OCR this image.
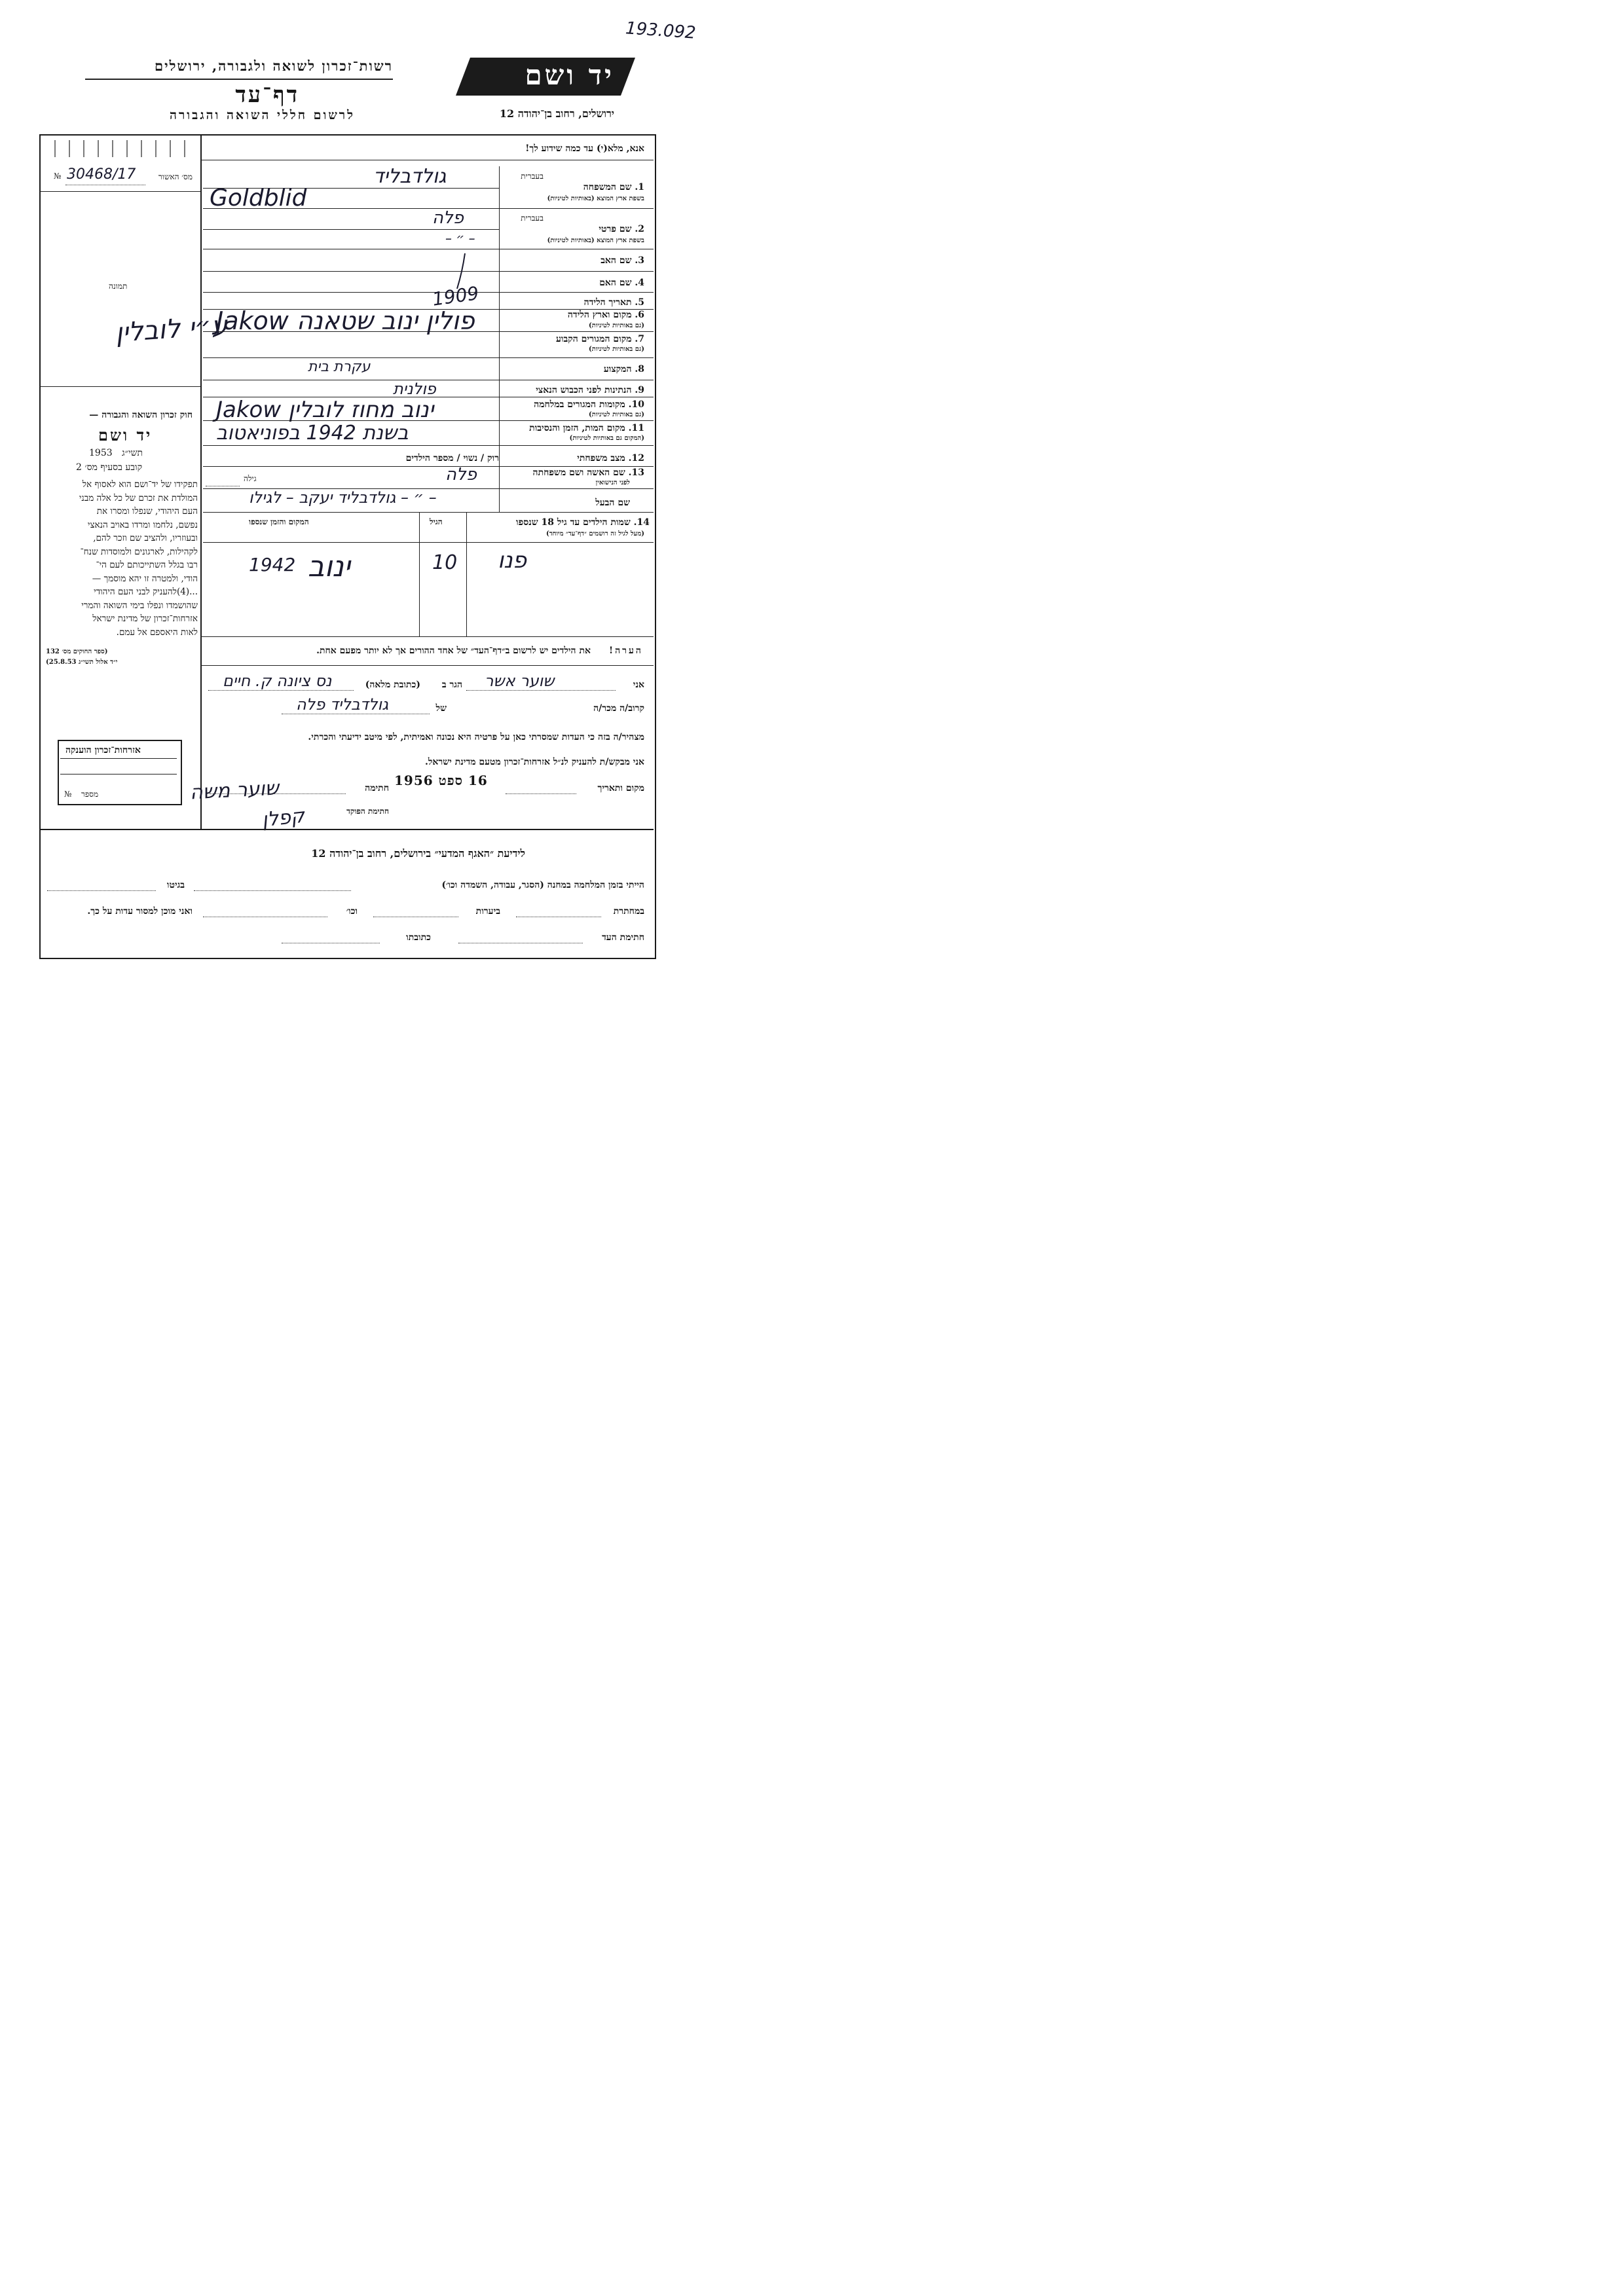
193.092
יד ושם
רשות־זכרון לשואה ולגבורה, ירושלים
דף־עד
לרשום חללי השואה והגבורה	ירושלים, רחוב בן־יהודה 12
№ 30468/17	מס׳ האשור
תמונה
ע״י לובלין
חוק זכרון השואה והגבורה —
יד ושם
תשי״ג
1953
קובע בסעיף מס׳ 2
תפקידו של יד־ושם הוא לאסוף אל
המולדת את זכרם של כל אלה מבני
העם היהודי, שנפלו ומסרו את
נפשם, נלחמו ומרדו באויב הנאצי
ובעוזריו, ולהציב שם וזכר להם,
לקהילות, לארגונים ולמוסדות שנח־
רבו בגלל השתייכותם לעם הי־
הודי, ולמטרה זו יהא מוסמך —
...(4)להעניק לבני העם היהודי
שהושמדו ונפלו בימי השואה והמרי
אזרחות־זכרון של מדינת ישראל
לאות היאספם אל עמם.
(ספר החוקים מס׳ 132
י״ד אלול תשי״ג 25.8.53)
אנא, מלא(י) עד כמה שידוע לך!
1. שם המשפחה
בשפת ארץ המוצא (באותיות לטיניות)
בעברית
גולדבליד
Goldblid
2. שם פרטי
בשפת ארץ המוצא (באותיות לטיניות)
בעברית
פלה
– ״ –
3. שם האב
4. שם האם
5. תאריך הלידה
1909
6. מקום וארץ הלידה
(גם באותיות לטיניות)
7. מקום המגורים הקבוע
(גם באותיות לטיניות)
פולין ינוב שטאנה Jakow
8. המקצוע
עקרת בית
9. הנתינות לפני הכבוש הנאצי
פולנית
10. מקומות המגורים במלחמה
(גם באותיות לטיניות)
ינוב מחוז לובלין Jakow
11. מקום המות, הזמן והנסיבות
(המקום גם באותיות לטיניות)
בשנת 1942 בפוניאטוב
12. מצב משפחתי
רוק / נשוי / מספר הילדים
13. שם האשה ושם משפחתה
לפני הנישואין
פלה
גילה
שם הבעל
– ״ – גולדבליד יעקב – לגילו
14. שמות הילדים עד גיל 18 שנספו
(מעל לגיל זה רושמים ״דף־עד״ מיוחד)
הגיל
המקום והזמן שנספו
פנו
10
ינוב
1942
הערה!
את הילדים יש לרשום ב״דף־העד״ של אחד ההורים אך לא יותר מפעם אחת.
אני
שוער אשר
הגר ב
(כתובת מלאה)
נס ציונה ק. חיים
קרוב/ה מכר/ה
של
גולדבליד פלה
מצהיר/ה בזה כי העדות שמסרתי כאן על פרטיה היא נכונה ואמיתית, לפי מיטב ידיעתי והכרתי.
אני מבקש/ת להעניק לנ״ל אזרחות־זכרון מטעם מדינת ישראל.
מקום ותאריך
16 ספט 1956
חתימה
שוער משה
חתימת הפוקד
קפלן
אזרחות־זכרון הוענקה
№ מספר
לידיעת ״האגף המדעי״ בירושלים, רחוב בן־יהודה 12
הייתי בזמן המלחמה במחנה (הסגר, עבודה, השמדה וכו׳)
בגיטו
במחתרת
ביערות
וכו׳
ואני מוכן למסור עדות על כך.
חתימת העד
כתובתו
